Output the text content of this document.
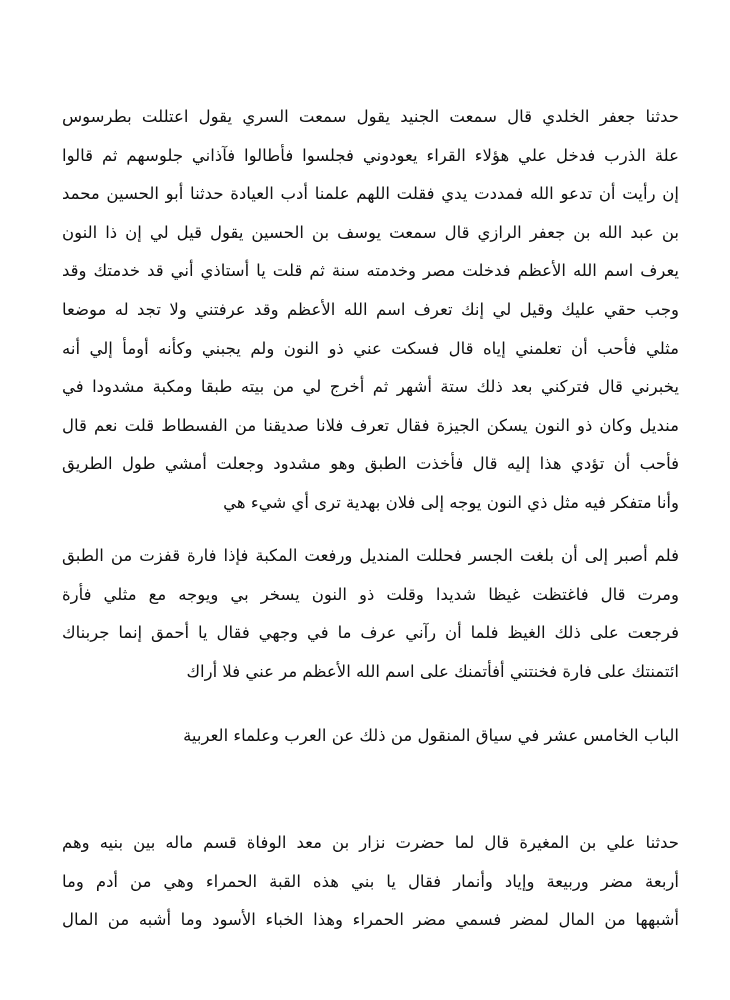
حدثنا جعفر الخلدي قال سمعت الجنيد يقول سمعت السري يقول اعتللت بطرسوس
علة الذرب فدخل علي هؤلاء القراء يعودوني فجلسوا فأطالوا فآذاني جلوسهم ثم قالوا
إن رأيت أن تدعو الله فمددت يدي فقلت اللهم علمنا أدب العيادة حدثنا أبو الحسين محمد
بن عبد الله بن جعفر الرازي قال سمعت يوسف بن الحسين يقول قيل لي إن ذا النون
يعرف اسم الله الأعظم فدخلت مصر وخدمته سنة ثم قلت يا أستاذي أني قد خدمتك وقد
وجب حقي عليك وقيل لي إنك تعرف اسم الله الأعظم وقد عرفتني ولا تجد له موضعا
مثلي فأحب أن تعلمني إياه قال فسكت عني ذو النون ولم يجبني وكأنه أومأ إلي أنه
يخبرني قال فتركني بعد ذلك ستة أشهر ثم أخرج لي من بيته طبقا ومكبة مشدودا في
منديل وكان ذو النون يسكن الجيزة فقال تعرف فلانا صديقنا من الفسطاط قلت نعم قال
فأحب أن تؤدي هذا إليه قال فأخذت الطبق وهو مشدود وجعلت أمشي طول الطريق
وأنا متفكر فيه مثل ذي النون يوجه إلى فلان بهدية ترى أي شيء هي
فلم أصبر إلى أن بلغت الجسر فحللت المنديل ورفعت المكبة فإذا فارة قفزت من الطبق
ومرت قال فاغتظت غيظا شديدا وقلت ذو النون يسخر بي ويوجه مع مثلي فأرة
فرجعت على ذلك الغيظ فلما أن رآني عرف ما في وجهي فقال يا أحمق إنما جربناك
ائتمنتك على فارة فخنتني أفأتمنك على اسم الله الأعظم مر عني فلا أراك
الباب الخامس عشر في سياق المنقول من ذلك عن العرب وعلماء العربية
حدثنا علي بن المغيرة قال لما حضرت نزار بن معد الوفاة قسم ماله بين بنيه وهم
أربعة مضر وربيعة وإياد وأنمار فقال يا بني هذه القبة الحمراء وهي من أدم وما
أشبهها من المال لمضر فسمي مضر الحمراء وهذا الخباء الأسود وما أشبه من المال
